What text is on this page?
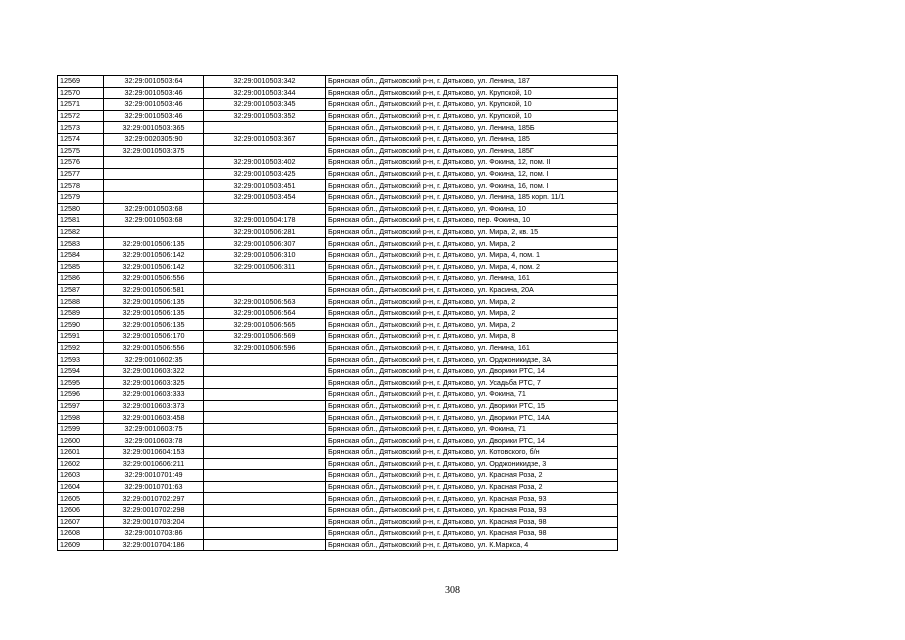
12569	32:29:0010503:64	32:29:0010503:342	Брянская обл., Дятьковский р-н, г. Дятьково, ул. Ленина, 187
12570	32:29:0010503:46	32:29:0010503:344	Брянская обл., Дятьковский р-н, г. Дятьково, ул. Крупской, 10
12571	32:29:0010503:46	32:29:0010503:345	Брянская обл., Дятьковский р-н, г. Дятьково, ул. Крупской, 10
12572	32:29:0010503:46	32:29:0010503:352	Брянская обл., Дятьковский р-н, г. Дятьково, ул. Крупской, 10
12573	32:29:0010503:365		Брянская обл., Дятьковский р-н, г. Дятьково, ул. Ленина, 185Б
12574	32:29:0020305:90	32:29:0010503:367	Брянская обл., Дятьковский р-н, г. Дятьково, ул. Ленина, 185
12575	32:29:0010503:375		Брянская обл., Дятьковский р-н, г. Дятьково, ул. Ленина, 185Г
12576		32:29:0010503:402	Брянская обл., Дятьковский р-н, г. Дятьково, ул. Фокина, 12, пом. II
12577		32:29:0010503:425	Брянская обл., Дятьковский р-н, г. Дятьково, ул. Фокина, 12, пом. I
12578		32:29:0010503:451	Брянская обл., Дятьковский р-н, г. Дятьково, ул. Фокина, 16, пом. I
12579		32:29:0010503:454	Брянская обл., Дятьковский р-н, г. Дятьково, ул. Ленина, 185 корп. 11/1
12580	32:29:0010503:68		Брянская обл., Дятьковский р-н, г. Дятьково, ул. Фокина, 10
12581	32:29:0010503:68	32:29:0010504:178	Брянская обл., Дятьковский р-н, г. Дятьково, пер. Фокина, 10
12582		32:29:0010506:281	Брянская обл., Дятьковский р-н, г. Дятьково, ул. Мира, 2, кв. 15
12583	32:29:0010506:135	32:29:0010506:307	Брянская обл., Дятьковский р-н, г. Дятьково, ул. Мира, 2
12584	32:29:0010506:142	32:29:0010506:310	Брянская обл., Дятьковский р-н, г. Дятьково, ул. Мира, 4, пом. 1
12585	32:29:0010506:142	32:29:0010506:311	Брянская обл., Дятьковский р-н, г. Дятьково, ул. Мира, 4, пом. 2
12586	32:29:0010506:556		Брянская обл., Дятьковский р-н, г. Дятьково, ул. Ленина, 161
12587	32:29:0010506:581		Брянская обл., Дятьковский р-н, г. Дятьково, ул. Красина, 20А
12588	32:29:0010506:135	32:29:0010506:563	Брянская обл., Дятьковский р-н, г. Дятьково, ул. Мира, 2
12589	32:29:0010506:135	32:29:0010506:564	Брянская обл., Дятьковский р-н, г. Дятьково, ул. Мира, 2
12590	32:29:0010506:135	32:29:0010506:565	Брянская обл., Дятьковский р-н, г. Дятьково, ул. Мира, 2
12591	32:29:0010506:170	32:29:0010506:569	Брянская обл., Дятьковский р-н, г. Дятьково, ул. Мира, 8
12592	32:29:0010506:556	32:29:0010506:596	Брянская обл., Дятьковский р-н, г. Дятьково, ул. Ленина, 161
12593	32:29:0010602:35		Брянская обл., Дятьковский р-н, г. Дятьково, ул. Орджоникидзе, 3А
12594	32:29:0010603:322		Брянская обл., Дятьковский р-н, г. Дятьково, ул. Дворики РТС, 14
12595	32:29:0010603:325		Брянская обл., Дятьковский р-н, г. Дятьково, ул. Усадьба РТС, 7
12596	32:29:0010603:333		Брянская обл., Дятьковский р-н, г. Дятьково, ул. Фокина, 71
12597	32:29:0010603:373		Брянская обл., Дятьковский р-н, г. Дятьково, ул. Дворики РТС, 15
12598	32:29:0010603:458		Брянская обл., Дятьковский р-н, г. Дятьково, ул. Дворики РТС, 14А
12599	32:29:0010603:75		Брянская обл., Дятьковский р-н, г. Дятьково, ул. Фокина, 71
12600	32:29:0010603:78		Брянская обл., Дятьковский р-н, г. Дятьково, ул. Дворики РТС, 14
12601	32:29:0010604:153		Брянская обл., Дятьковский р-н, г. Дятьково, ул. Котовского, б/н
12602	32:29:0010606:211		Брянская обл., Дятьковский р-н, г. Дятьково, ул. Орджоникидзе, 3
12603	32:29:0010701:49		Брянская обл., Дятьковский р-н, г. Дятьково, ул. Красная Роза, 2
12604	32:29:0010701:63		Брянская обл., Дятьковский р-н, г. Дятьково, ул. Красная Роза, 2
12605	32:29:0010702:297		Брянская обл., Дятьковский р-н, г. Дятьково, ул. Красная Роза, 93
12606	32:29:0010702:298		Брянская обл., Дятьковский р-н, г. Дятьково, ул. Красная Роза, 93
12607	32:29:0010703:204		Брянская обл., Дятьковский р-н, г. Дятьково, ул. Красная Роза, 98
12608	32:29:0010703:86		Брянская обл., Дятьковский р-н, г. Дятьково, ул. Красная Роза, 98
12609	32:29:0010704:186		Брянская обл., Дятьковский р-н, г. Дятьково, ул. К.Маркса, 4
308
